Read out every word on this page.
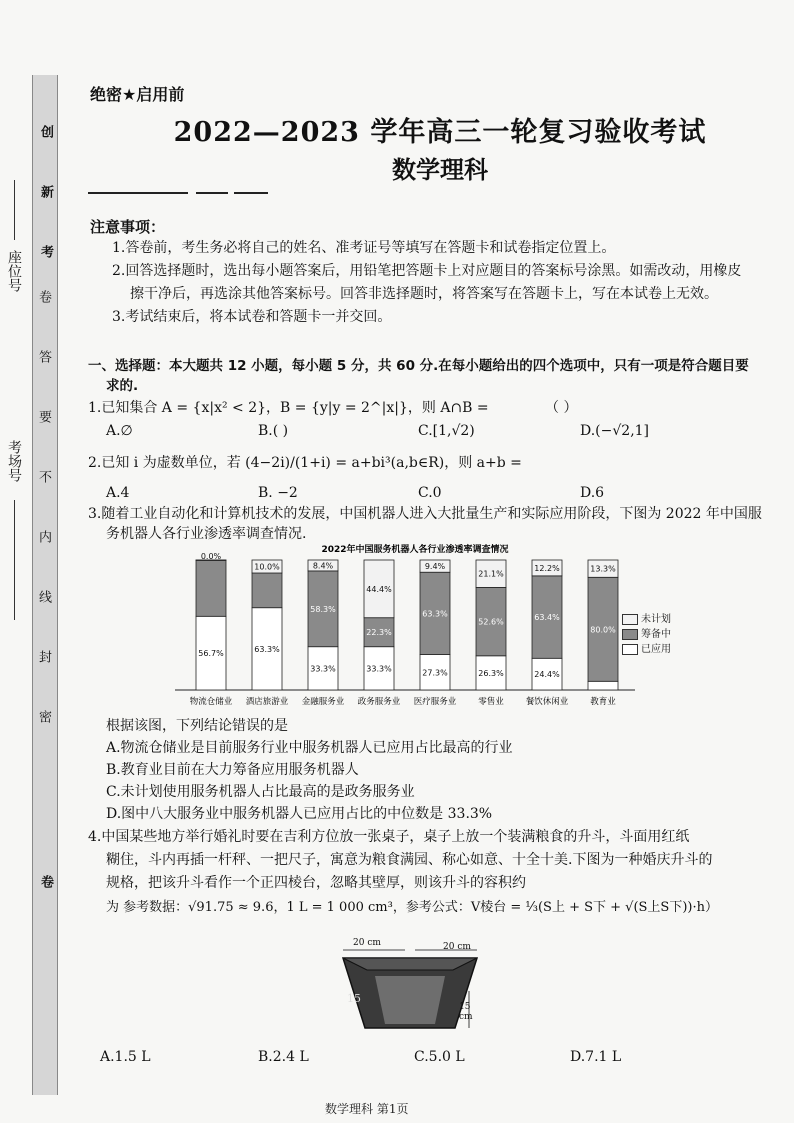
创
新
考
卷
卷
答
要
不
内
线
封
密
座位号
考场号
绝密★启用前
2022—2023 学年高三一轮复习验收考试
数学理科
注意事项：
1.答卷前，考生务必将自己的姓名、准考证号等填写在答题卡和试卷指定位置上。
2.回答选择题时，选出每小题答案后，用铅笔把答题卡上对应题目的答案标号涂黑。如需改动，用橡皮
擦干净后，再选涂其他答案标号。回答非选择题时，将答案写在答题卡上，写在本试卷上无效。
3.考试结束后，将本试卷和答题卡一并交回。
一、选择题：本大题共 12 小题，每小题 5 分，共 60 分.在每小题给出的四个选项中，只有一项是符合题目要
求的.
1.已知集合 A = {x|x² < 2}，B = {y|y = 2^|x|}，则 A∩B =	（ ）
A.∅	B.( )	C.[1,√2)	D.(−√2,1]
2.已知 i 为虚数单位，若 (4−2i)/(1+i) = a+bi³(a,b∈R)，则 a+b =
A.4	B. −2	C.0	D.6
3.随着工业自动化和计算机技术的发展，中国机器人进入大批量生产和实际应用阶段，下图为 2022 年中国服
务机器人各行业渗透率调查情况.
2022年中国服务机器人各行业渗透率调查情况
56.7%
0.0%
物流仓储业
63.3%
10.0%
酒店旅游业
33.3%
58.3%
8.4%
金融服务业
33.3%
22.3%
44.4%
政务服务业
27.3%
63.3%
9.4%
医疗服务业
26.3%
52.6%
21.1%
零售业
24.4%
63.4%
12.2%
餐饮休闲业
80.0%
13.3%
教育业
未计划
筹备中
已应用
根据该图，下列结论错误的是
A.物流仓储业是目前服务行业中服务机器人已应用占比最高的行业
B.教育业目前在大力筹备应用服务机器人
C.未计划使用服务机器人占比最高的是政务服务业
D.图中八大服务业中服务机器人已应用占比的中位数是 33.3%
4.中国某些地方举行婚礼时要在吉利方位放一张桌子，桌子上放一个装满粮食的升斗，斗面用红纸
糊住，斗内再插一杆秤、一把尺子，寓意为粮食满园、称心如意、十全十美.下图为一种婚庆升斗的
规格，把该升斗看作一个正四棱台，忽略其壁厚，则该升斗的容积约
为 参考数据：√91.75 ≈ 9.6，1 L = 1 000 cm³，参考公式：V棱台 = ⅓(S上 + S下 + √(S上S下))·h）
20 cm	20 cm
15
15 cm
A.1.5 L	B.2.4 L	C.5.0 L	D.7.1 L
数学理科 第1页
